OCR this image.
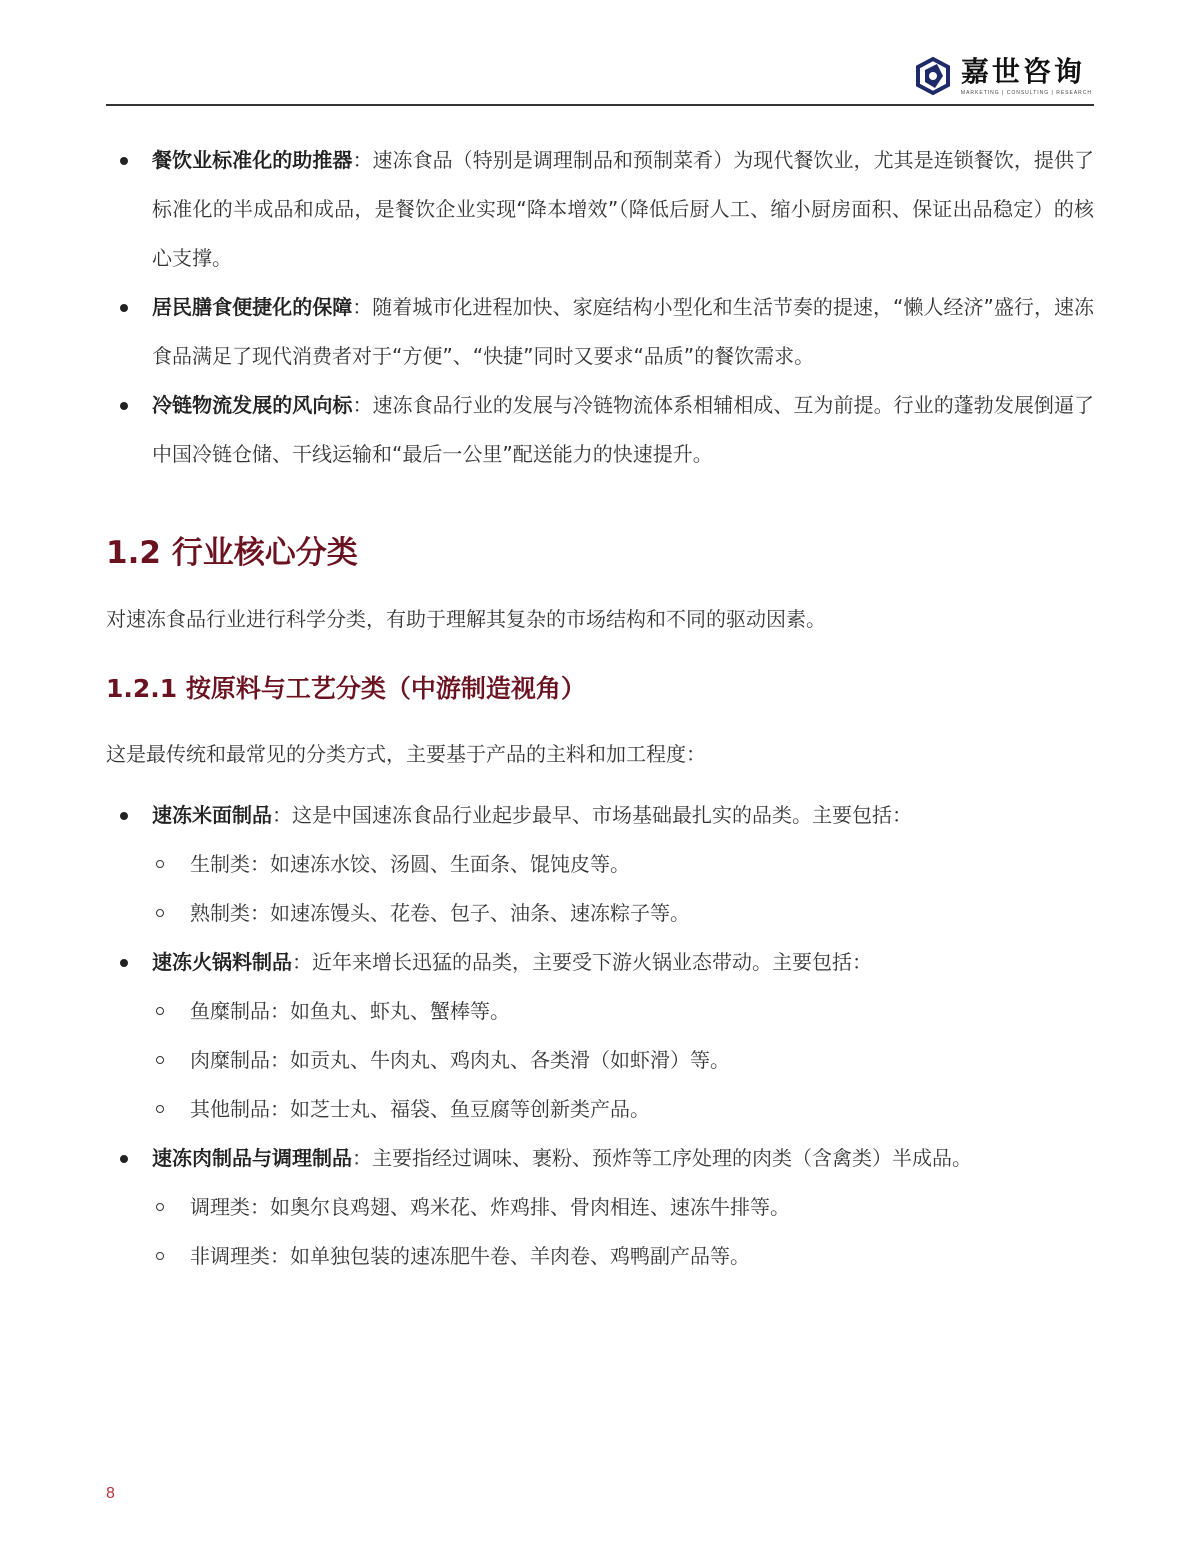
嘉世咨询
MARKETING | CONSULTING | RESEARCH

餐饮业标准化的助推器：速冻食品（特别是调理制品和预制菜肴）为现代餐饮业，尤其是连锁餐饮，提供了标准化的半成品和成品，是餐饮企业实现“降本增效”（降低后厨人工、缩小厨房面积、保证出品稳定）的核心支撑。

居民膳食便捷化的保障：随着城市化进程加快、家庭结构小型化和生活节奏的提速，“懒人经济”盛行，速冻食品满足了现代消费者对于“方便”、“快捷”同时又要求“品质”的餐饮需求。

冷链物流发展的风向标：速冻食品行业的发展与冷链物流体系相辅相成、互为前提。行业的蓬勃发展倒逼了中国冷链仓储、干线运输和“最后一公里”配送能力的快速提升。

1.2 行业核心分类

对速冻食品行业进行科学分类，有助于理解其复杂的市场结构和不同的驱动因素。

1.2.1 按原料与工艺分类（中游制造视角）

这是最传统和最常见的分类方式，主要基于产品的主料和加工程度：

速冻米面制品：这是中国速冻食品行业起步最早、市场基础最扎实的品类。主要包括：

生制类：如速冻水饺、汤圆、生面条、馄饨皮等。

熟制类：如速冻馒头、花卷、包子、油条、速冻粽子等。

速冻火锅料制品：近年来增长迅猛的品类，主要受下游火锅业态带动。主要包括：

鱼糜制品：如鱼丸、虾丸、蟹棒等。

肉糜制品：如贡丸、牛肉丸、鸡肉丸、各类滑（如虾滑）等。

其他制品：如芝士丸、福袋、鱼豆腐等创新类产品。

速冻肉制品与调理制品：主要指经过调味、裹粉、预炸等工序处理的肉类（含禽类）半成品。

调理类：如奥尔良鸡翅、鸡米花、炸鸡排、骨肉相连、速冻牛排等。

非调理类：如单独包装的速冻肥牛卷、羊肉卷、鸡鸭副产品等。

8
